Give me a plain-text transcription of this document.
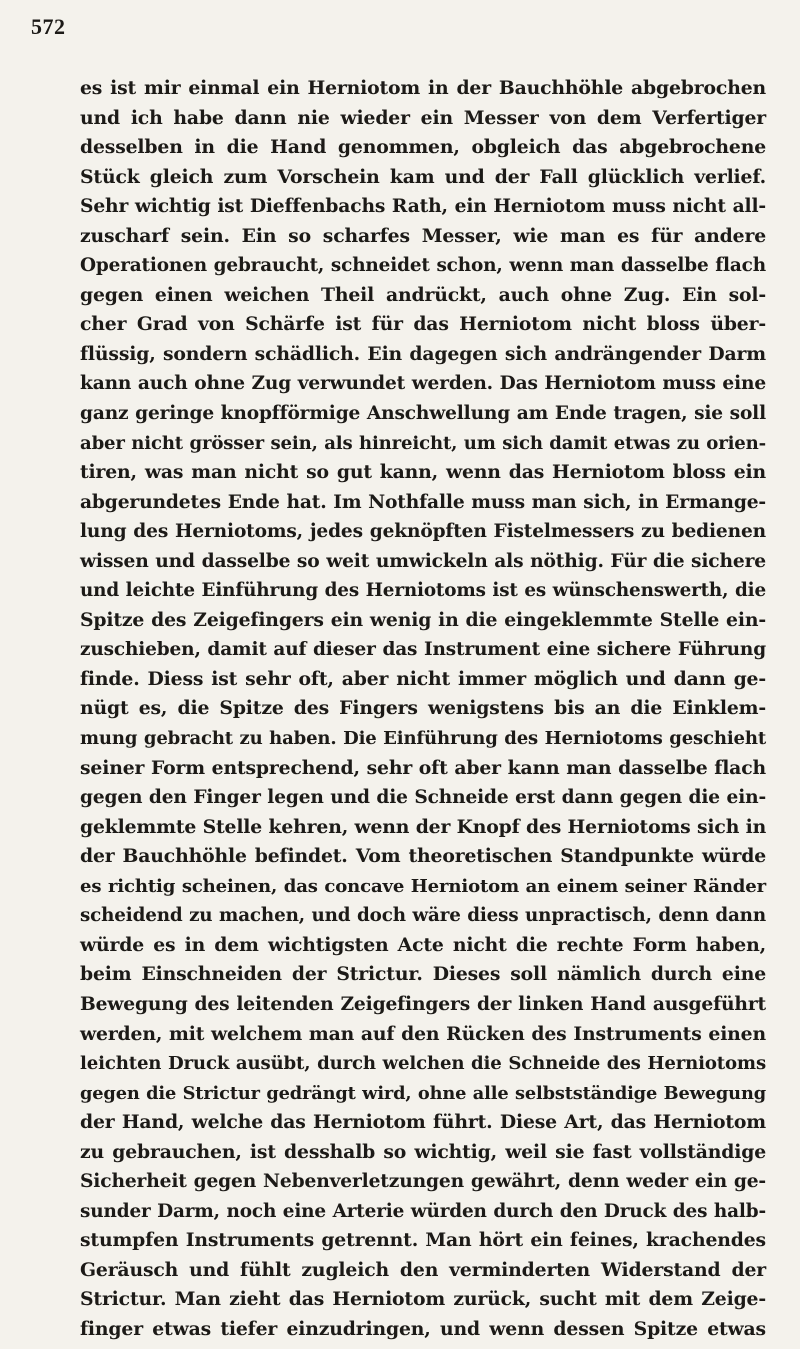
572
es ist mir einmal ein Herniotom in der Bauchhöhle abgebrochen
und ich habe dann nie wieder ein Messer von dem Verfertiger
desselben in die Hand genommen, obgleich das abgebrochene
Stück gleich zum Vorschein kam und der Fall glücklich verlief.
Sehr wichtig ist Dieffenbachs Rath, ein Herniotom muss nicht all-
zuscharf sein. Ein so scharfes Messer, wie man es für andere
Operationen gebraucht, schneidet schon, wenn man dasselbe flach
gegen einen weichen Theil andrückt, auch ohne Zug. Ein sol-
cher Grad von Schärfe ist für das Herniotom nicht bloss über-
flüssig, sondern schädlich. Ein dagegen sich andrängender Darm
kann auch ohne Zug verwundet werden. Das Herniotom muss eine
ganz geringe knopfförmige Anschwellung am Ende tragen, sie soll
aber nicht grösser sein, als hinreicht, um sich damit etwas zu orien-
tiren, was man nicht so gut kann, wenn das Herniotom bloss ein
abgerundetes Ende hat. Im Nothfalle muss man sich, in Ermange-
lung des Herniotoms, jedes geknöpften Fistelmessers zu bedienen
wissen und dasselbe so weit umwickeln als nöthig. Für die sichere
und leichte Einführung des Herniotoms ist es wünschenswerth, die
Spitze des Zeigefingers ein wenig in die eingeklemmte Stelle ein-
zuschieben, damit auf dieser das Instrument eine sichere Führung
finde. Diess ist sehr oft, aber nicht immer möglich und dann ge-
nügt es, die Spitze des Fingers wenigstens bis an die Einklem-
mung gebracht zu haben. Die Einführung des Herniotoms geschieht
seiner Form entsprechend, sehr oft aber kann man dasselbe flach
gegen den Finger legen und die Schneide erst dann gegen die ein-
geklemmte Stelle kehren, wenn der Knopf des Herniotoms sich in
der Bauchhöhle befindet. Vom theoretischen Standpunkte würde
es richtig scheinen, das concave Herniotom an einem seiner Ränder
scheidend zu machen, und doch wäre diess unpractisch, denn dann
würde es in dem wichtigsten Acte nicht die rechte Form haben,
beim Einschneiden der Strictur. Dieses soll nämlich durch eine
Bewegung des leitenden Zeigefingers der linken Hand ausgeführt
werden, mit welchem man auf den Rücken des Instruments einen
leichten Druck ausübt, durch welchen die Schneide des Herniotoms
gegen die Strictur gedrängt wird, ohne alle selbstständige Bewegung
der Hand, welche das Herniotom führt. Diese Art, das Herniotom
zu gebrauchen, ist desshalb so wichtig, weil sie fast vollständige
Sicherheit gegen Nebenverletzungen gewährt, denn weder ein ge-
sunder Darm, noch eine Arterie würden durch den Druck des halb-
stumpfen Instruments getrennt. Man hört ein feines, krachendes
Geräusch und fühlt zugleich den verminderten Widerstand der
Strictur. Man zieht das Herniotom zurück, sucht mit dem Zeige-
finger etwas tiefer einzudringen, und wenn dessen Spitze etwas
